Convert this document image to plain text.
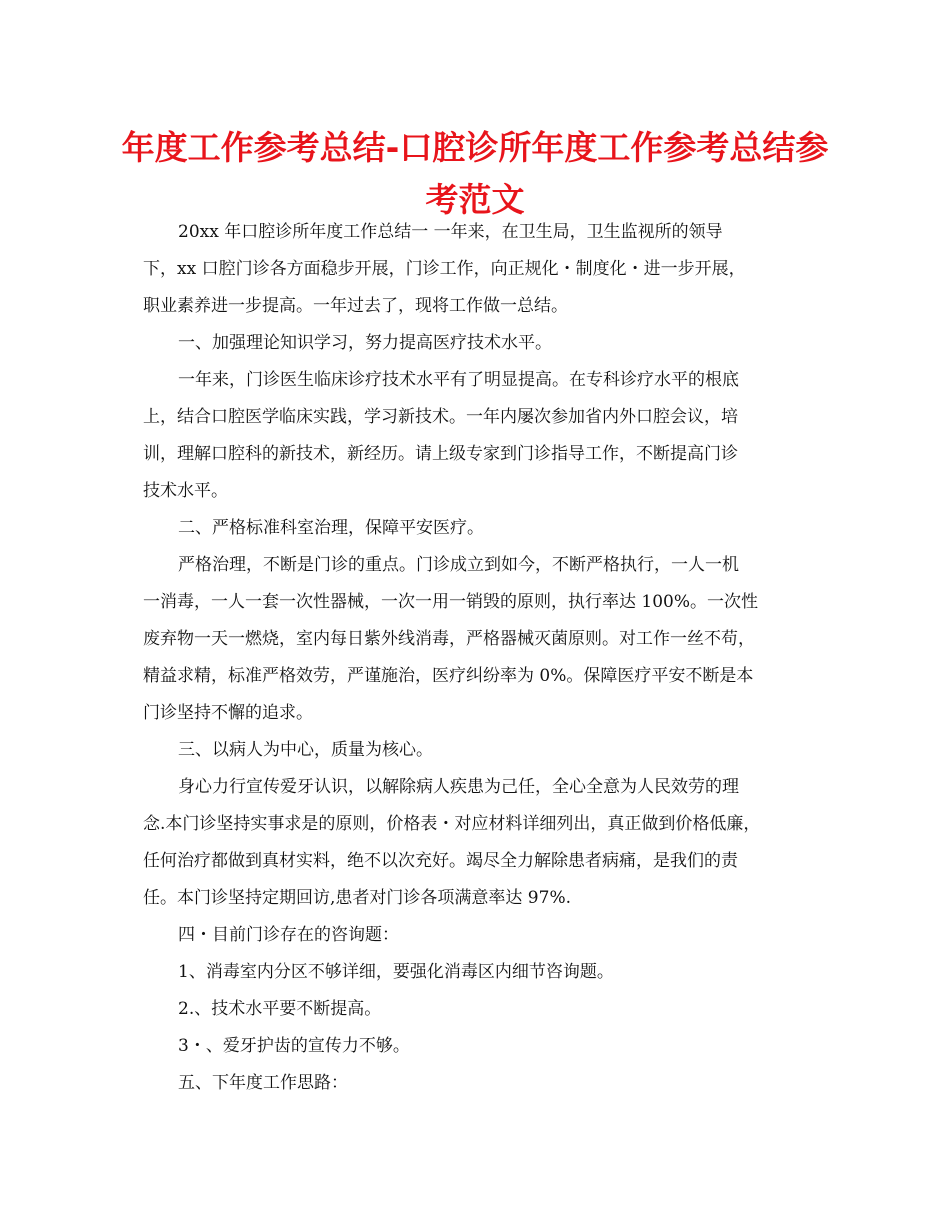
年度工作参考总结-口腔诊所年度工作参考总结参
考范文
20xx 年口腔诊所年度工作总结一 一年来，在卫生局，卫生监视所的领导
下，xx 口腔门诊各方面稳步开展，门诊工作，向正规化・制度化・进一步开展，
职业素养进一步提高。一年过去了，现将工作做一总结。
一、加强理论知识学习，努力提高医疗技术水平。
一年来，门诊医生临床诊疗技术水平有了明显提高。在专科诊疗水平的根底
上，结合口腔医学临床实践，学习新技术。一年内屡次参加省内外口腔会议，培
训，理解口腔科的新技术，新经历。请上级专家到门诊指导工作，不断提高门诊
技术水平。
二、严格标准科室治理，保障平安医疗。
严格治理，不断是门诊的重点。门诊成立到如今，不断严格执行，一人一机
一消毒，一人一套一次性器械，一次一用一销毁的原则，执行率达 100%。一次性
废弃物一天一燃烧，室内每日紫外线消毒，严格器械灭菌原则。对工作一丝不苟，
精益求精，标准严格效劳，严谨施治，医疗纠纷率为 0%。保障医疗平安不断是本
门诊坚持不懈的追求。
三、以病人为中心，质量为核心。
身心力行宣传爱牙认识，以解除病人疾患为己任，全心全意为人民效劳的理
念.本门诊坚持实事求是的原则，价格表・对应材料详细列出，真正做到价格低廉，
任何治疗都做到真材实料，绝不以次充好。竭尽全力解除患者病痛，是我们的责
任。本门诊坚持定期回访,患者对门诊各项满意率达 97%.
四・目前门诊存在的咨询题：
1、消毒室内分区不够详细，要强化消毒区内细节咨询题。
2.、技术水平要不断提高。
3・、爱牙护齿的宣传力不够。
五、下年度工作思路：
